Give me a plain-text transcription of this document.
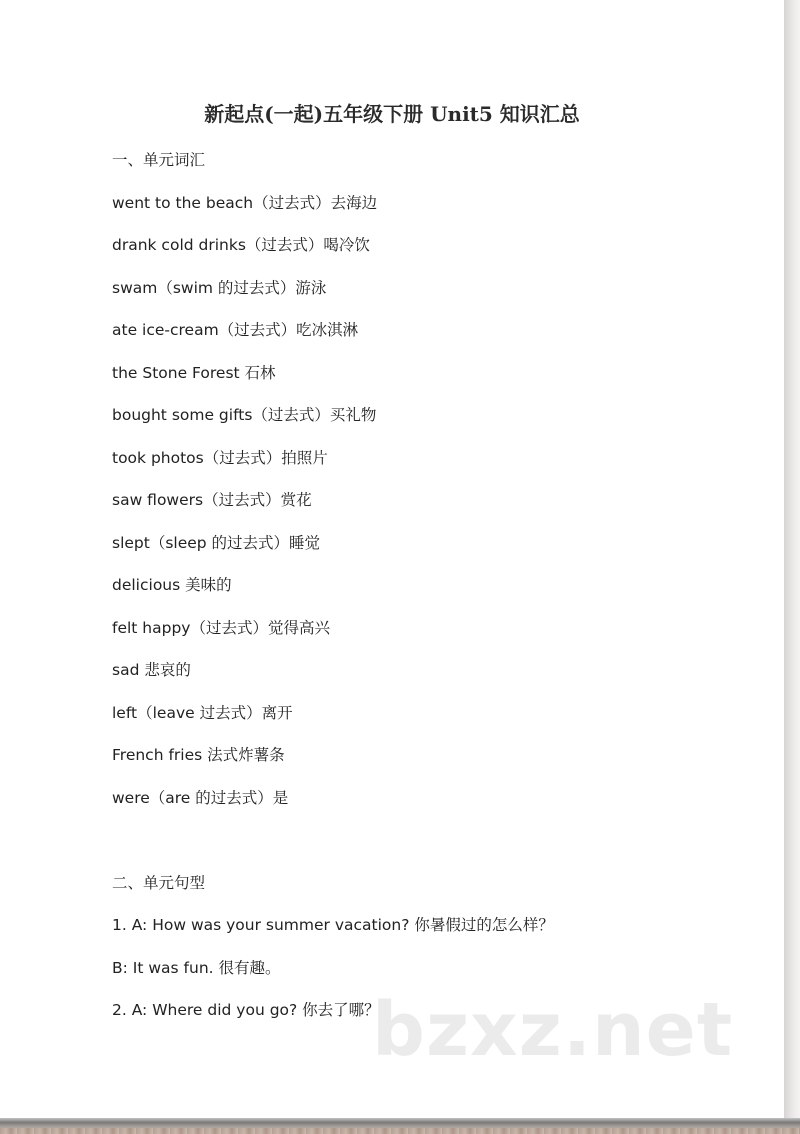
新起点(一起)五年级下册 Unit5 知识汇总
一、单元词汇
went to the beach（过去式）去海边
drank cold drinks（过去式）喝冷饮
swam（swim 的过去式）游泳
ate ice-cream（过去式）吃冰淇淋
the Stone Forest 石林
bought some gifts（过去式）买礼物
took photos（过去式）拍照片
saw flowers（过去式）赏花
slept（sleep 的过去式）睡觉
delicious 美味的
felt happy（过去式）觉得高兴
sad 悲哀的
left（leave 过去式）离开
French fries 法式炸薯条
were（are 的过去式）是
二、单元句型
1. A: How was your summer vacation? 你暑假过的怎么样？
B: It was fun. 很有趣。
2. A: Where did you go? 你去了哪？
bzxz.net
